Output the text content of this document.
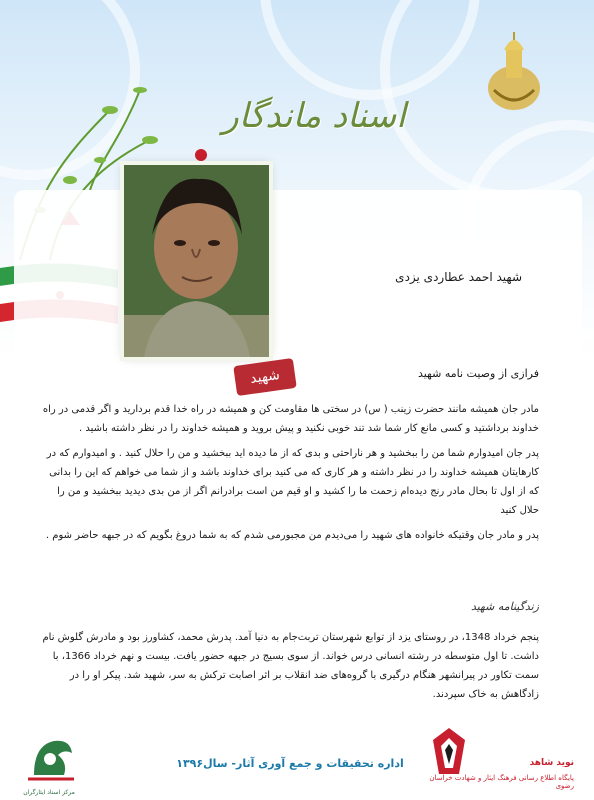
اسناد ماندگار
شهید
شهید احمد عطاردی یزدی
فرازی از وصیت نامه شهید

مادر جان همیشه مانند حضرت زینب ( س) در سختی ها مقاومت کن و همیشه در راه خدا قدم بردارید و اگر قدمی در راه خداوند برداشتید و کسی مانع کار شما شد تند خوبی نکنید و پیش بروید و همیشه خداوند را در نظر داشته باشید .

پدر جان امیدوارم شما من را ببخشید و هر ناراحتی و بدی که از ما دیده اید ببخشید و من را حلال کنید . و امیدوارم که در کارهایتان همیشه خداوند را در نظر داشته و هر کاری که می کنید برای خداوند باشد و از شما می خواهم که این را بدانی که از اول تا بحال مادر رنج دیده‌ام زحمت ما را کشید و او قیم من است برادرانم اگر از من بدی دیدید ببخشید و من را حلال کنید

پدر و مادر جان وقتیکه خانواده های شهید را می‌دیدم من مجبورمی شدم که به شما دروغ بگویم که در جبهه حاضر شوم .

زندگینامه شهید
پنجم خرداد 1348، در روستای یزد از توابع شهرستان تربت‌جام به دنیا آمد. پدرش محمد، کشاورز بود و مادرش گلوش نام داشت. تا اول متوسطه در رشته انسانی درس خواند. از سوی بسیج در جبهه حضور یافت. بیست و نهم خرداد 1366، با سمت تکاور در پیرانشهر هنگام درگیری با گروه‌های ضد انقلاب بر اثر اصابت ترکش به سر، شهید شد. پیکر او را در زادگاهش به خاک سپردند.
مرکز اسناد ایثارگران
اداره تحقیقات و جمع آوری آثار- سال۱۳۹۶	نوید شاهد
پایگاه اطلاع رسانی فرهنگ ایثار و شهادت خراسان رضوی
